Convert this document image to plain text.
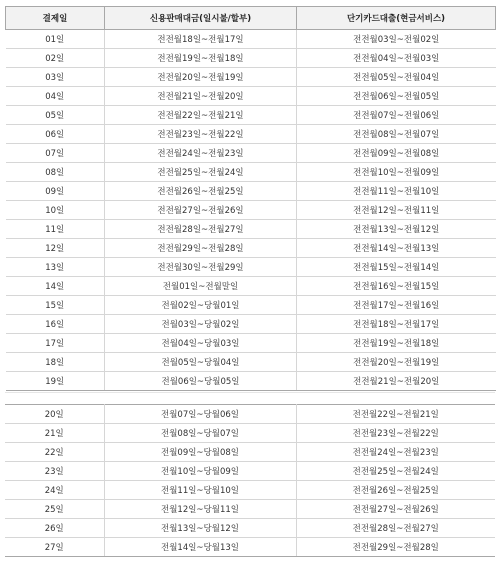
결제일	신용판매대금(일시불/할부)	단기카드대출(현금서비스)
01일	전전월18일~전월17일	전전월03일~전월02일
02일	전전월19일~전월18일	전전월04일~전월03일
03일	전전월20일~전월19일	전전월05일~전월04일
04일	전전월21일~전월20일	전전월06일~전월05일
05일	전전월22일~전월21일	전전월07일~전월06일
06일	전전월23일~전월22일	전전월08일~전월07일
07일	전전월24일~전월23일	전전월09일~전월08일
08일	전전월25일~전월24일	전전월10일~전월09일
09일	전전월26일~전월25일	전전월11일~전월10일
10일	전전월27일~전월26일	전전월12일~전월11일
11일	전전월28일~전월27일	전전월13일~전월12일
12일	전전월29일~전월28일	전전월14일~전월13일
13일	전전월30일~전월29일	전전월15일~전월14일
14일	전월01일~전월말일	전전월16일~전월15일
15일	전월02일~당월01일	전전월17일~전월16일
16일	전월03일~당월02일	전전월18일~전월17일
17일	전월04일~당월03일	전전월19일~전월18일
18일	전월05일~당월04일	전전월20일~전월19일
19일	전월06일~당월05일	전전월21일~전월20일
20일	전월07일~당월06일	전전월22일~전월21일
21일	전월08일~당월07일	전전월23일~전월22일
22일	전월09일~당월08일	전전월24일~전월23일
23일	전월10일~당월09일	전전월25일~전월24일
24일	전월11일~당월10일	전전월26일~전월25일
25일	전월12일~당월11일	전전월27일~전월26일
26일	전월13일~당월12일	전전월28일~전월27일
27일	전월14일~당월13일	전전월29일~전월28일
